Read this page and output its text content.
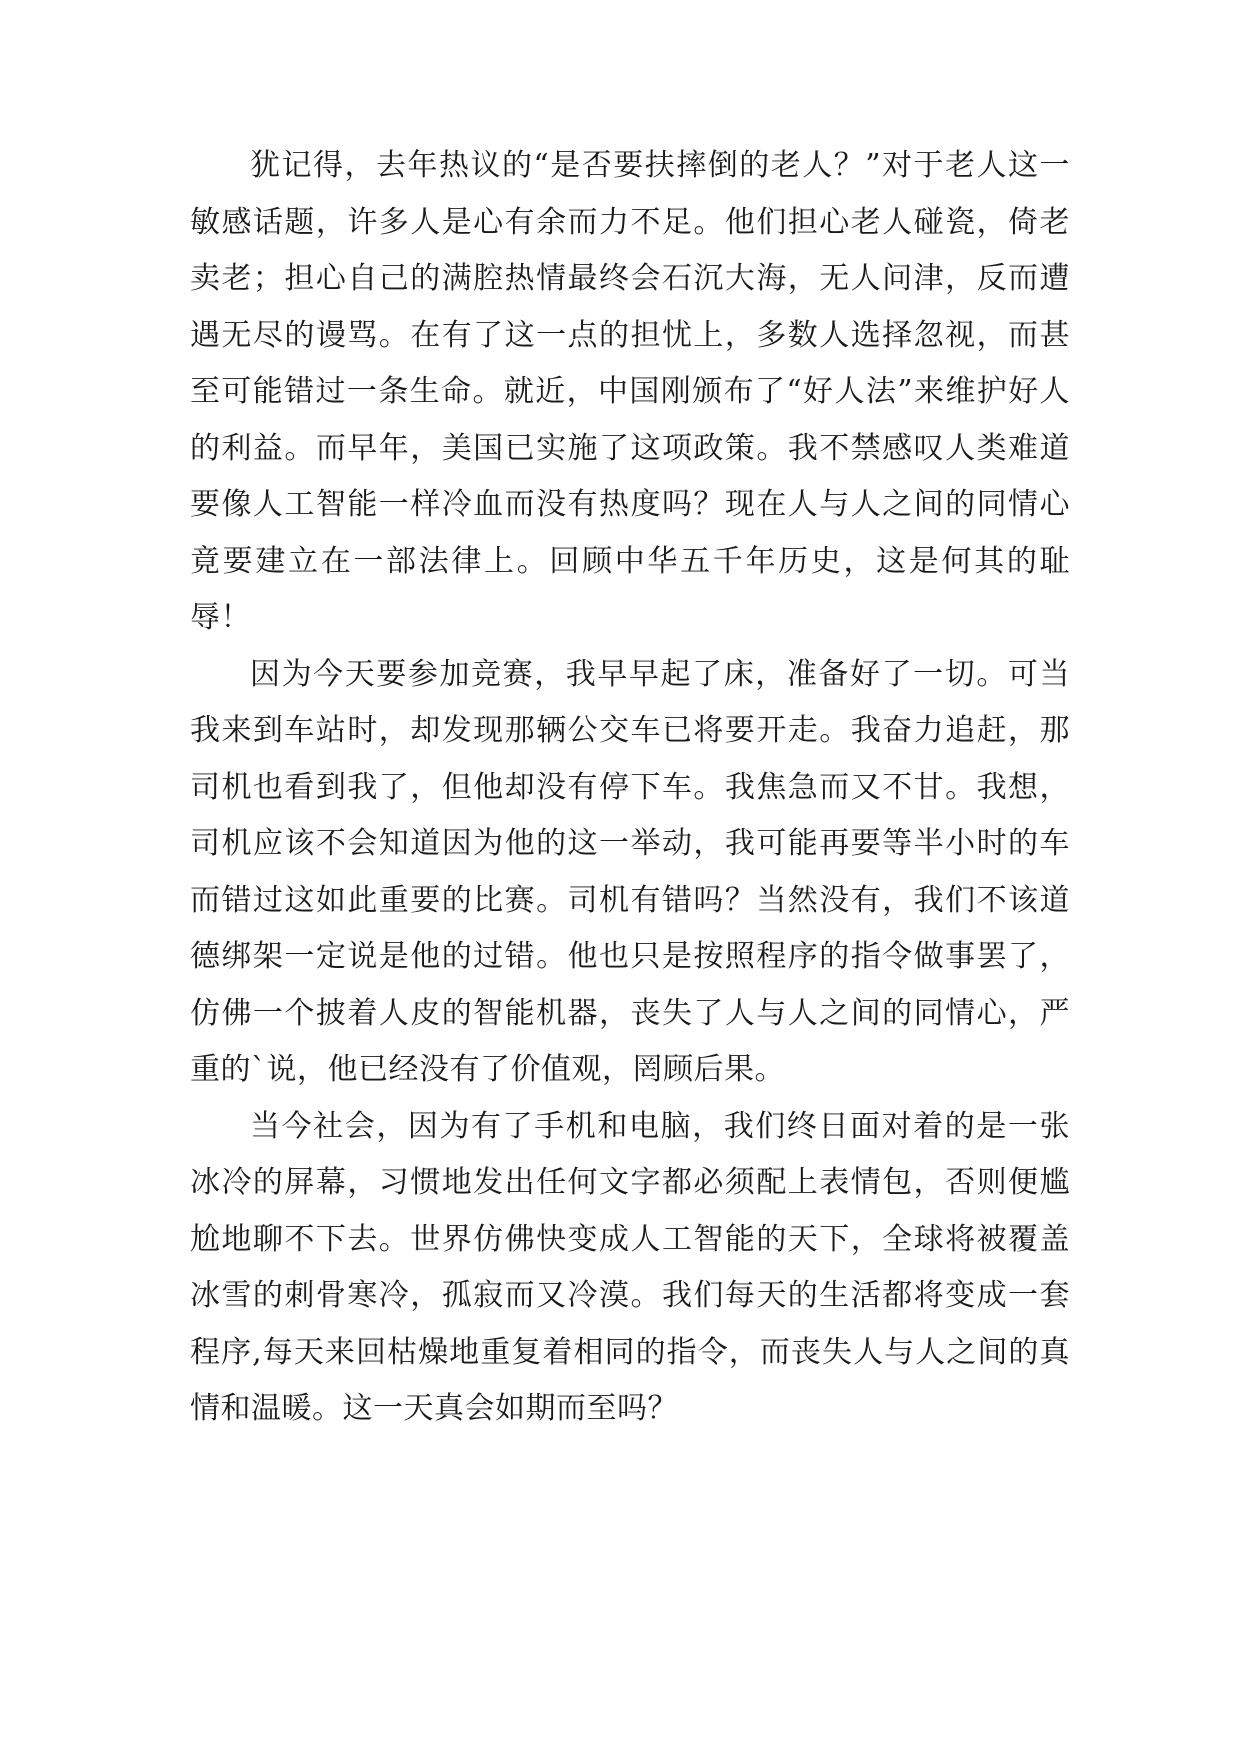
犹记得，去年热议的“是否要扶摔倒的老人？”对于老人这一敏感话题，许多人是心有余而力不足。他们担心老人碰瓷，倚老卖老；担心自己的满腔热情最终会石沉大海，无人问津，反而遭遇无尽的谩骂。在有了这一点的担忧上，多数人选择忽视，而甚至可能错过一条生命。就近，中国刚颁布了“好人法”来维护好人的利益。而早年，美国已实施了这项政策。我不禁感叹人类难道要像人工智能一样冷血而没有热度吗？现在人与人之间的同情心竟要建立在一部法律上。回顾中华五千年历史，这是何其的耻辱！

因为今天要参加竞赛，我早早起了床，准备好了一切。可当我来到车站时，却发现那辆公交车已将要开走。我奋力追赶，那司机也看到我了，但他却没有停下车。我焦急而又不甘。我想，司机应该不会知道因为他的这一举动，我可能再要等半小时的车而错过这如此重要的比赛。司机有错吗？当然没有，我们不该道德绑架一定说是他的过错。他也只是按照程序的指令做事罢了，仿佛一个披着人皮的智能机器，丧失了人与人之间的同情心，严重的`说，他已经没有了价值观，罔顾后果。

当今社会，因为有了手机和电脑，我们终日面对着的是一张冰冷的屏幕，习惯地发出任何文字都必须配上表情包，否则便尴尬地聊不下去。世界仿佛快变成人工智能的天下，全球将被覆盖冰雪的刺骨寒冷，孤寂而又冷漠。我们每天的生活都将变成一套程序,每天来回枯燥地重复着相同的指令，而丧失人与人之间的真情和温暖。这一天真会如期而至吗？
